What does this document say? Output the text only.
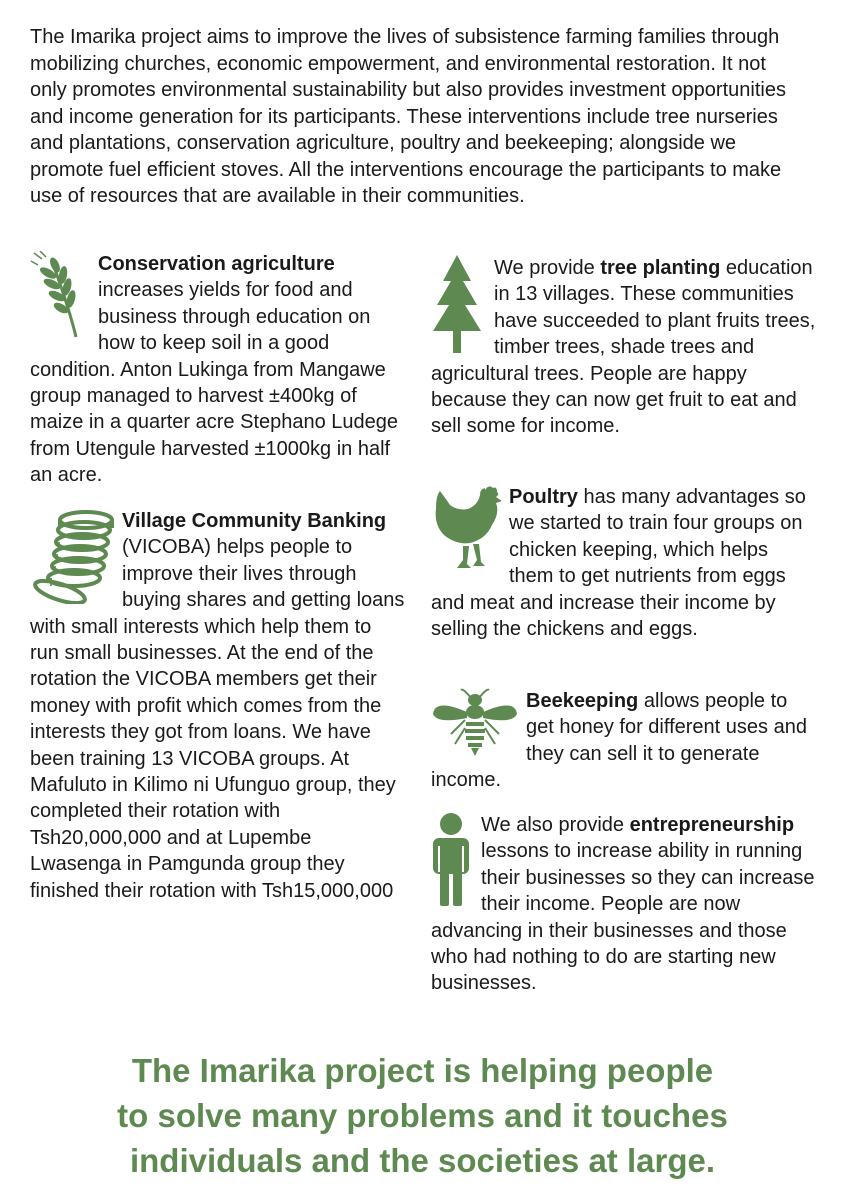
The Imarika project aims to improve the lives of subsistence farming families through mobilizing churches, economic empowerment, and environmental restoration. It not only promotes environmental sustainability but also provides investment opportunities and income generation for its participants. These interventions include tree nurseries and plantations, conservation agriculture, poultry and beekeeping; alongside we promote fuel efficient stoves. All the interventions encourage the participants to make use of resources that are available in their communities.

Conservation agriculture increases yields for food and business through education on how to keep soil in a good condition. Anton Lukinga from Mangawe group managed to harvest ±400kg of maize in a quarter acre Stephano Ludege from Utengule harvested ±1000kg in half an acre.

Village Community Banking (VICOBA) helps people to improve their lives through buying shares and getting loans with small interests which help them to run small businesses. At the end of the rotation the VICOBA members get their money with profit which comes from the interests they got from loans. We have been training 13 VICOBA groups. At Mafuluto in Kilimo ni Ufunguo group, they completed their rotation with Tsh20,000,000 and at Lupembe Lwasenga in Pamgunda group they finished their rotation with Tsh15,000,000

We provide tree planting education in 13 villages. These communities have succeeded to plant fruits trees, timber trees, shade trees and agricultural trees. People are happy because they can now get fruit to eat and sell some for income.

Poultry has many advantages so we started to train four groups on chicken keeping, which helps them to get nutrients from eggs and meat and increase their income by selling the chickens and eggs.

Beekeeping allows people to get honey for different uses and they can sell it to generate income.

We also provide entrepreneurship lessons to increase ability in running their businesses so they can increase their income. People are now advancing in their businesses and those who had nothing to do are starting new businesses.

The Imarika project is helping people
to solve many problems and it touches
individuals and the societies at large.
